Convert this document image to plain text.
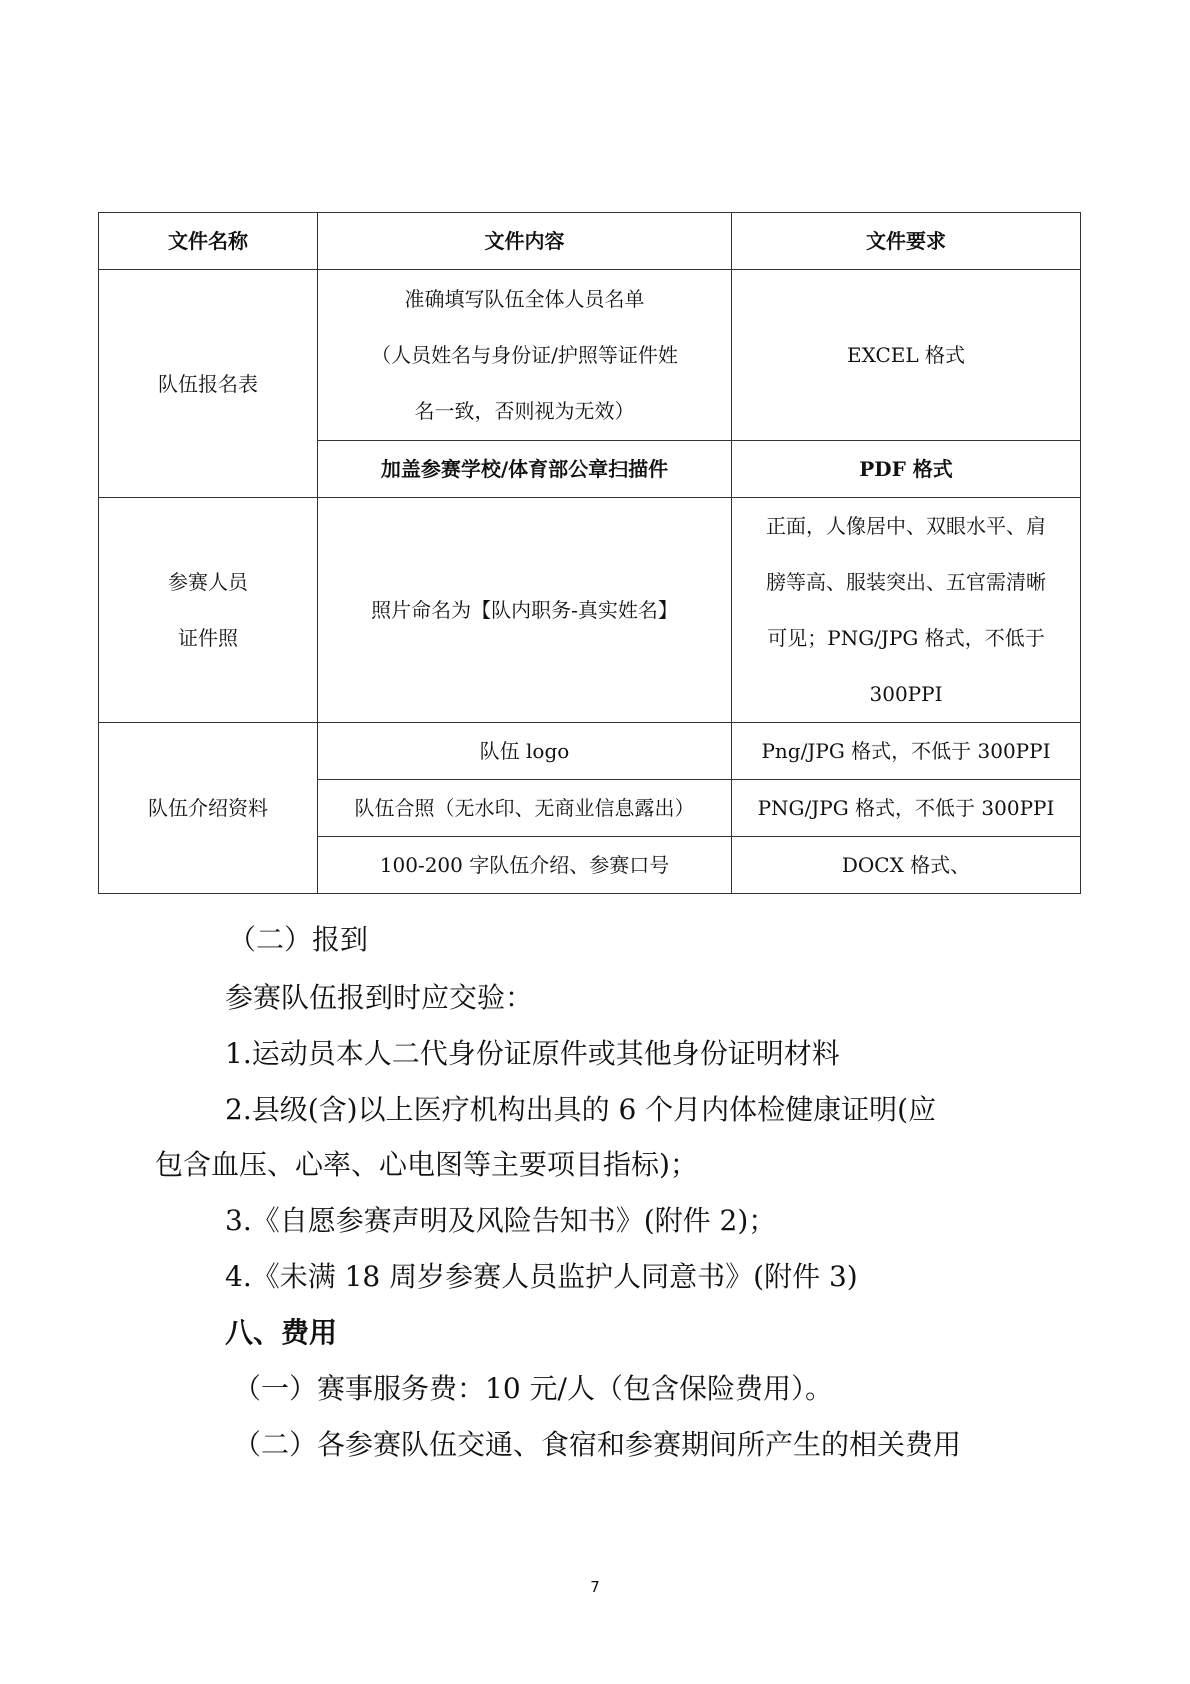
文件名称	文件内容	文件要求
队伍报名表	准确填写队伍全体人员名单
（人员姓名与身份证/护照等证件姓
名一致，否则视为无效）	EXCEL 格式

	加盖参赛学校/体育部公章扫描件	PDF 格式

参赛人员
证件照	照片命名为【队内职务-真实姓名】	正面，人像居中、双眼水平、肩
膀等高、服装突出、五官需清晰
可见；PNG/JPG 格式，不低于
300PPI

队伍介绍资料	队伍 logo	Png/JPG 格式，不低于 300PPI

	队伍合照（无水印、无商业信息露出）	PNG/JPG 格式，不低于 300PPI

	100-200 字队伍介绍、参赛口号	DOCX 格式、
（二）报到
参赛队伍报到时应交验：
1.运动员本人二代身份证原件或其他身份证明材料
2.县级(含)以上医疗机构出具的 6 个月内体检健康证明(应
包含血压、心率、心电图等主要项目指标)；
3.《自愿参赛声明及风险告知书》(附件 2)；
4.《未满 18 周岁参赛人员监护人同意书》(附件 3)
八、费用
（一）赛事服务费：10 元/人（包含保险费用）。
（二）各参赛队伍交通、食宿和参赛期间所产生的相关费用
7
